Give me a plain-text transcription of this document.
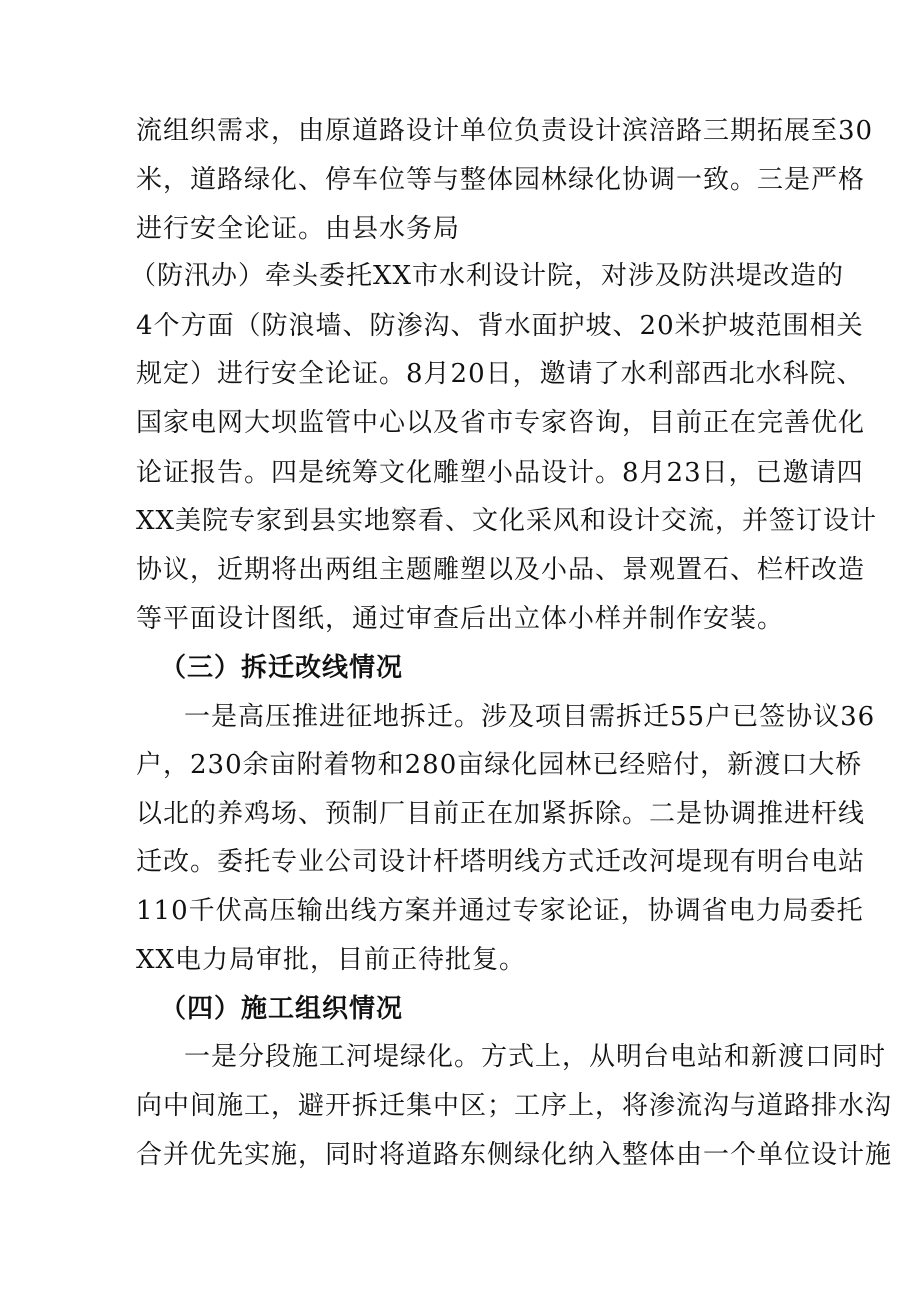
流组织需求，由原道路设计单位负责设计滨涪路三期拓展至30
米，道路绿化、停车位等与整体园林绿化协调一致。三是严格
进行安全论证。由县水务局
（防汛办）牵头委托XX市水利设计院，对涉及防洪堤改造的
4个方面（防浪墙、防渗沟、背水面护坡、20米护坡范围相关
规定）进行安全论证。8月20日，邀请了水利部西北水科院、
国家电网大坝监管中心以及省市专家咨询，目前正在完善优化
论证报告。四是统筹文化雕塑小品设计。8月23日，已邀请四
XX美院专家到县实地察看、文化采风和设计交流，并签订设计
协议，近期将出两组主题雕塑以及小品、景观置石、栏杆改造
等平面设计图纸，通过审查后出立体小样并制作安装。
（三）拆迁改线情况
一是高压推进征地拆迁。涉及项目需拆迁55户已签协议36
户，230余亩附着物和280亩绿化园林已经赔付，新渡口大桥
以北的养鸡场、预制厂目前正在加紧拆除。二是协调推进杆线
迁改。委托专业公司设计杆塔明线方式迁改河堤现有明台电站
110千伏高压输出线方案并通过专家论证，协调省电力局委托
XX电力局审批，目前正待批复。
（四）施工组织情况
一是分段施工河堤绿化。方式上，从明台电站和新渡口同时
向中间施工，避开拆迁集中区；工序上，将渗流沟与道路排水沟
合并优先实施，同时将道路东侧绿化纳入整体由一个单位设计施
